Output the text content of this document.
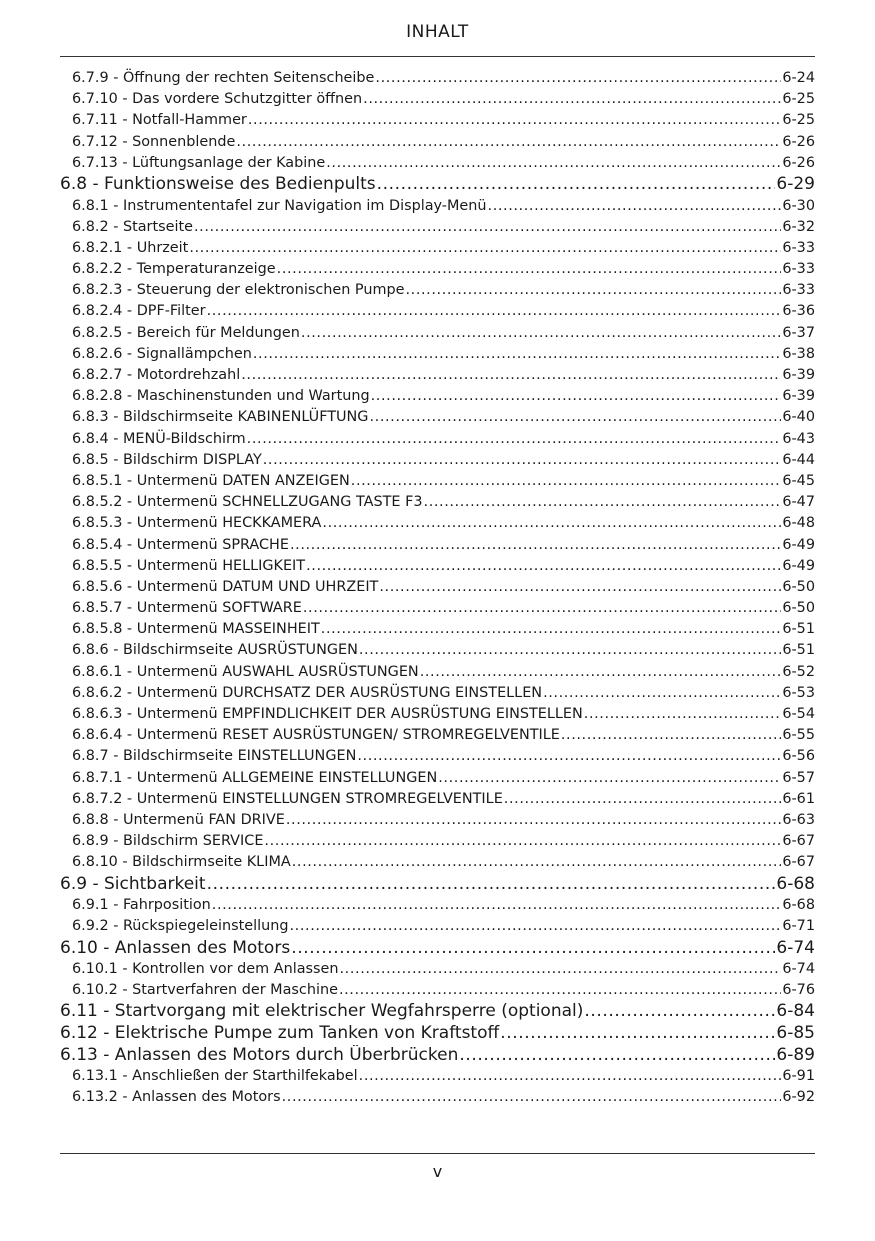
INHALT
6.7.9 - Öffnung der rechten Seitenscheibe .....	6-24
6.7.10 - Das vordere Schutzgitter öffnen .....	6-25
6.7.11 - Notfall-Hammer .....	6-25
6.7.12 - Sonnenblende .....	6-26
6.7.13 - Lüftungsanlage der Kabine .....	6-26
6.8 - Funktionsweise des Bedienpults .....	6-29
6.8.1 - Instrumententafel zur Navigation im Display-Menü .....	6-30
6.8.2 - Startseite .....	6-32
6.8.2.1 - Uhrzeit .....	6-33
6.8.2.2 - Temperaturanzeige .....	6-33
6.8.2.3 - Steuerung der elektronischen Pumpe .....	6-33
6.8.2.4 - DPF-Filter .....	6-36
6.8.2.5 - Bereich für Meldungen .....	6-37
6.8.2.6 - Signallämpchen .....	6-38
6.8.2.7 - Motordrehzahl .....	6-39
6.8.2.8 - Maschinenstunden und Wartung .....	6-39
6.8.3 - Bildschirmseite KABINENLÜFTUNG .....	6-40
6.8.4 - MENÜ-Bildschirm .....	6-43
6.8.5 - Bildschirm DISPLAY .....	6-44
6.8.5.1 - Untermenü DATEN ANZEIGEN .....	6-45
6.8.5.2 - Untermenü SCHNELLZUGANG TASTE F3 .....	6-47
6.8.5.3 - Untermenü HECKKAMERA .....	6-48
6.8.5.4 - Untermenü SPRACHE .....	6-49
6.8.5.5 - Untermenü HELLIGKEIT .....	6-49
6.8.5.6 - Untermenü DATUM UND UHRZEIT .....	6-50
6.8.5.7 - Untermenü SOFTWARE .....	6-50
6.8.5.8 - Untermenü MASSEINHEIT .....	6-51
6.8.6 - Bildschirmseite AUSRÜSTUNGEN .....	6-51
6.8.6.1 - Untermenü AUSWAHL AUSRÜSTUNGEN .....	6-52
6.8.6.2 - Untermenü DURCHSATZ DER AUSRÜSTUNG EINSTELLEN .....	6-53
6.8.6.3 - Untermenü EMPFINDLICHKEIT DER AUSRÜSTUNG EINSTELLEN .....	6-54
6.8.6.4 - Untermenü RESET AUSRÜSTUNGEN/ STROMREGELVENTILE .....	6-55
6.8.7 - Bildschirmseite EINSTELLUNGEN .....	6-56
6.8.7.1 - Untermenü ALLGEMEINE EINSTELLUNGEN .....	6-57
6.8.7.2 - Untermenü EINSTELLUNGEN STROMREGELVENTILE .....	6-61
6.8.8 - Untermenü FAN DRIVE .....	6-63
6.8.9 - Bildschirm SERVICE .....	6-67
6.8.10 - Bildschirmseite KLIMA .....	6-67
6.9 - Sichtbarkeit .....	6-68
6.9.1 - Fahrposition .....	6-68
6.9.2 - Rückspiegeleinstellung .....	6-71
6.10 - Anlassen des Motors .....	6-74
6.10.1 - Kontrollen vor dem Anlassen .....	6-74
6.10.2 - Startverfahren der Maschine .....	6-76
6.11 - Startvorgang mit elektrischer Wegfahrsperre (optional) .....	6-84
6.12 - Elektrische Pumpe zum Tanken von Kraftstoff .....	6-85
6.13 - Anlassen des Motors durch Überbrücken .....	6-89
6.13.1 - Anschließen der Starthilfekabel .....	6-91
6.13.2 - Anlassen des Motors .....	6-92
v
